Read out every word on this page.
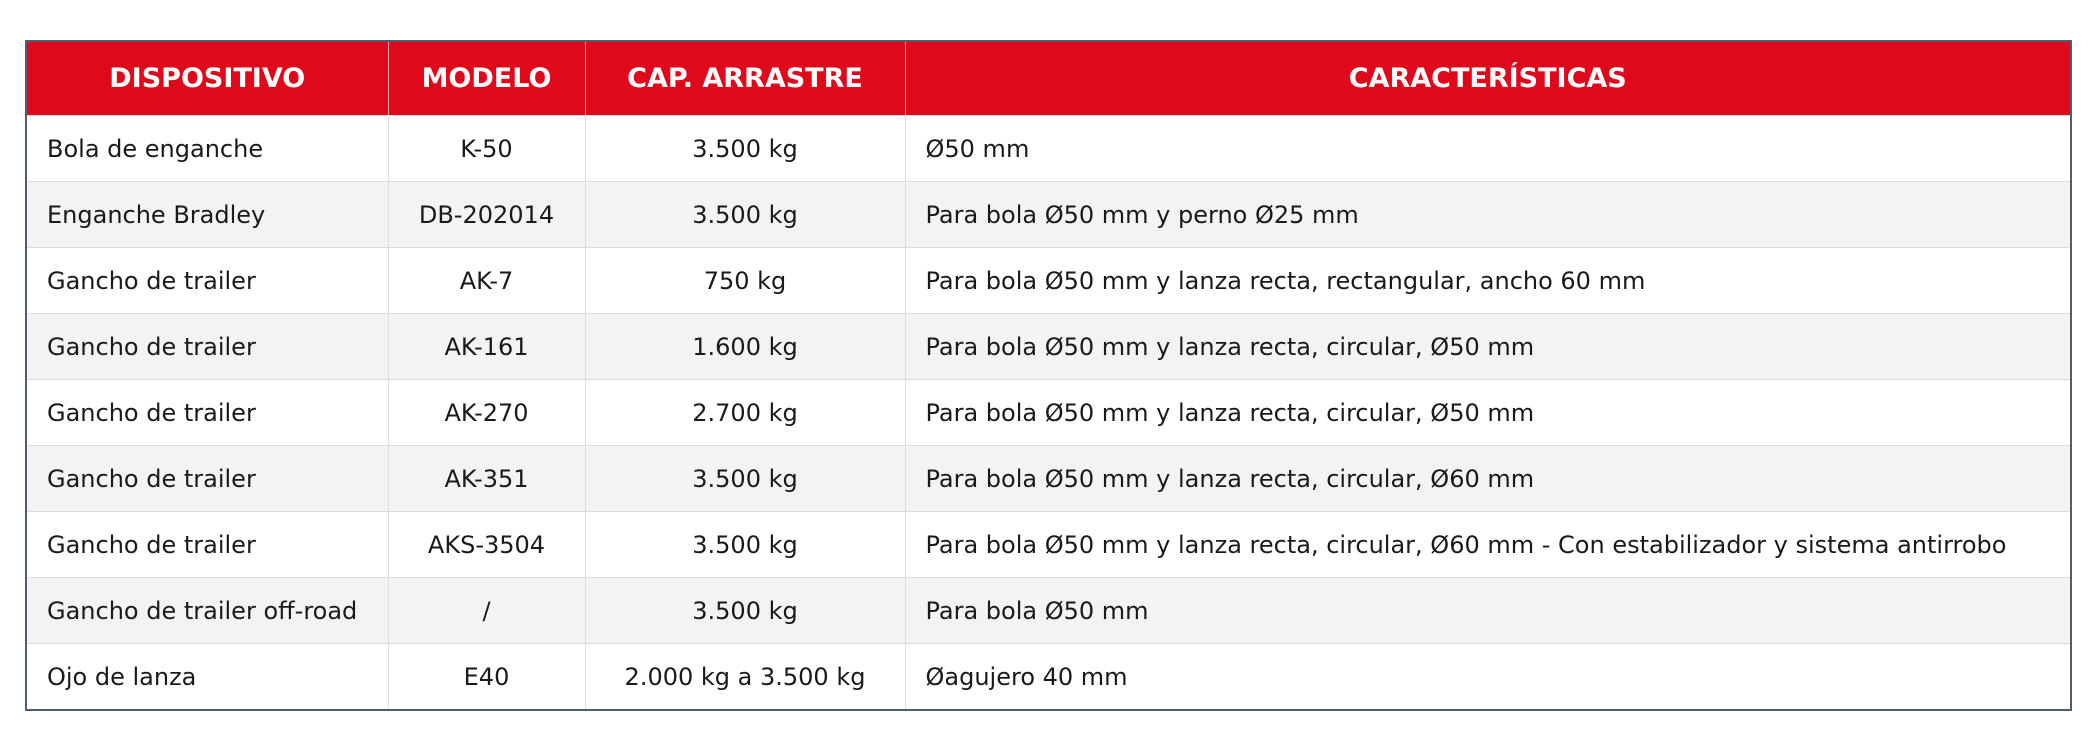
DISPOSITIVO	MODELO	CAP. ARRASTRE	CARACTERÍSTICAS
Bola de enganche	K-50	3.500 kg	Ø50 mm
Enganche Bradley	DB-202014	3.500 kg	Para bola Ø50 mm y perno Ø25 mm
Gancho de trailer	AK-7	750 kg	Para bola Ø50 mm y lanza recta, rectangular, ancho 60 mm
Gancho de trailer	AK-161	1.600 kg	Para bola Ø50 mm y lanza recta, circular, Ø50 mm
Gancho de trailer	AK-270	2.700 kg	Para bola Ø50 mm y lanza recta, circular, Ø50 mm
Gancho de trailer	AK-351	3.500 kg	Para bola Ø50 mm y lanza recta, circular, Ø60 mm
Gancho de trailer	AKS-3504	3.500 kg	Para bola Ø50 mm y lanza recta, circular, Ø60 mm - Con estabilizador y sistema antirrobo
Gancho de trailer off-road	/	3.500 kg	Para bola Ø50 mm
Ojo de lanza	E40	2.000 kg a 3.500 kg	Øagujero 40 mm
